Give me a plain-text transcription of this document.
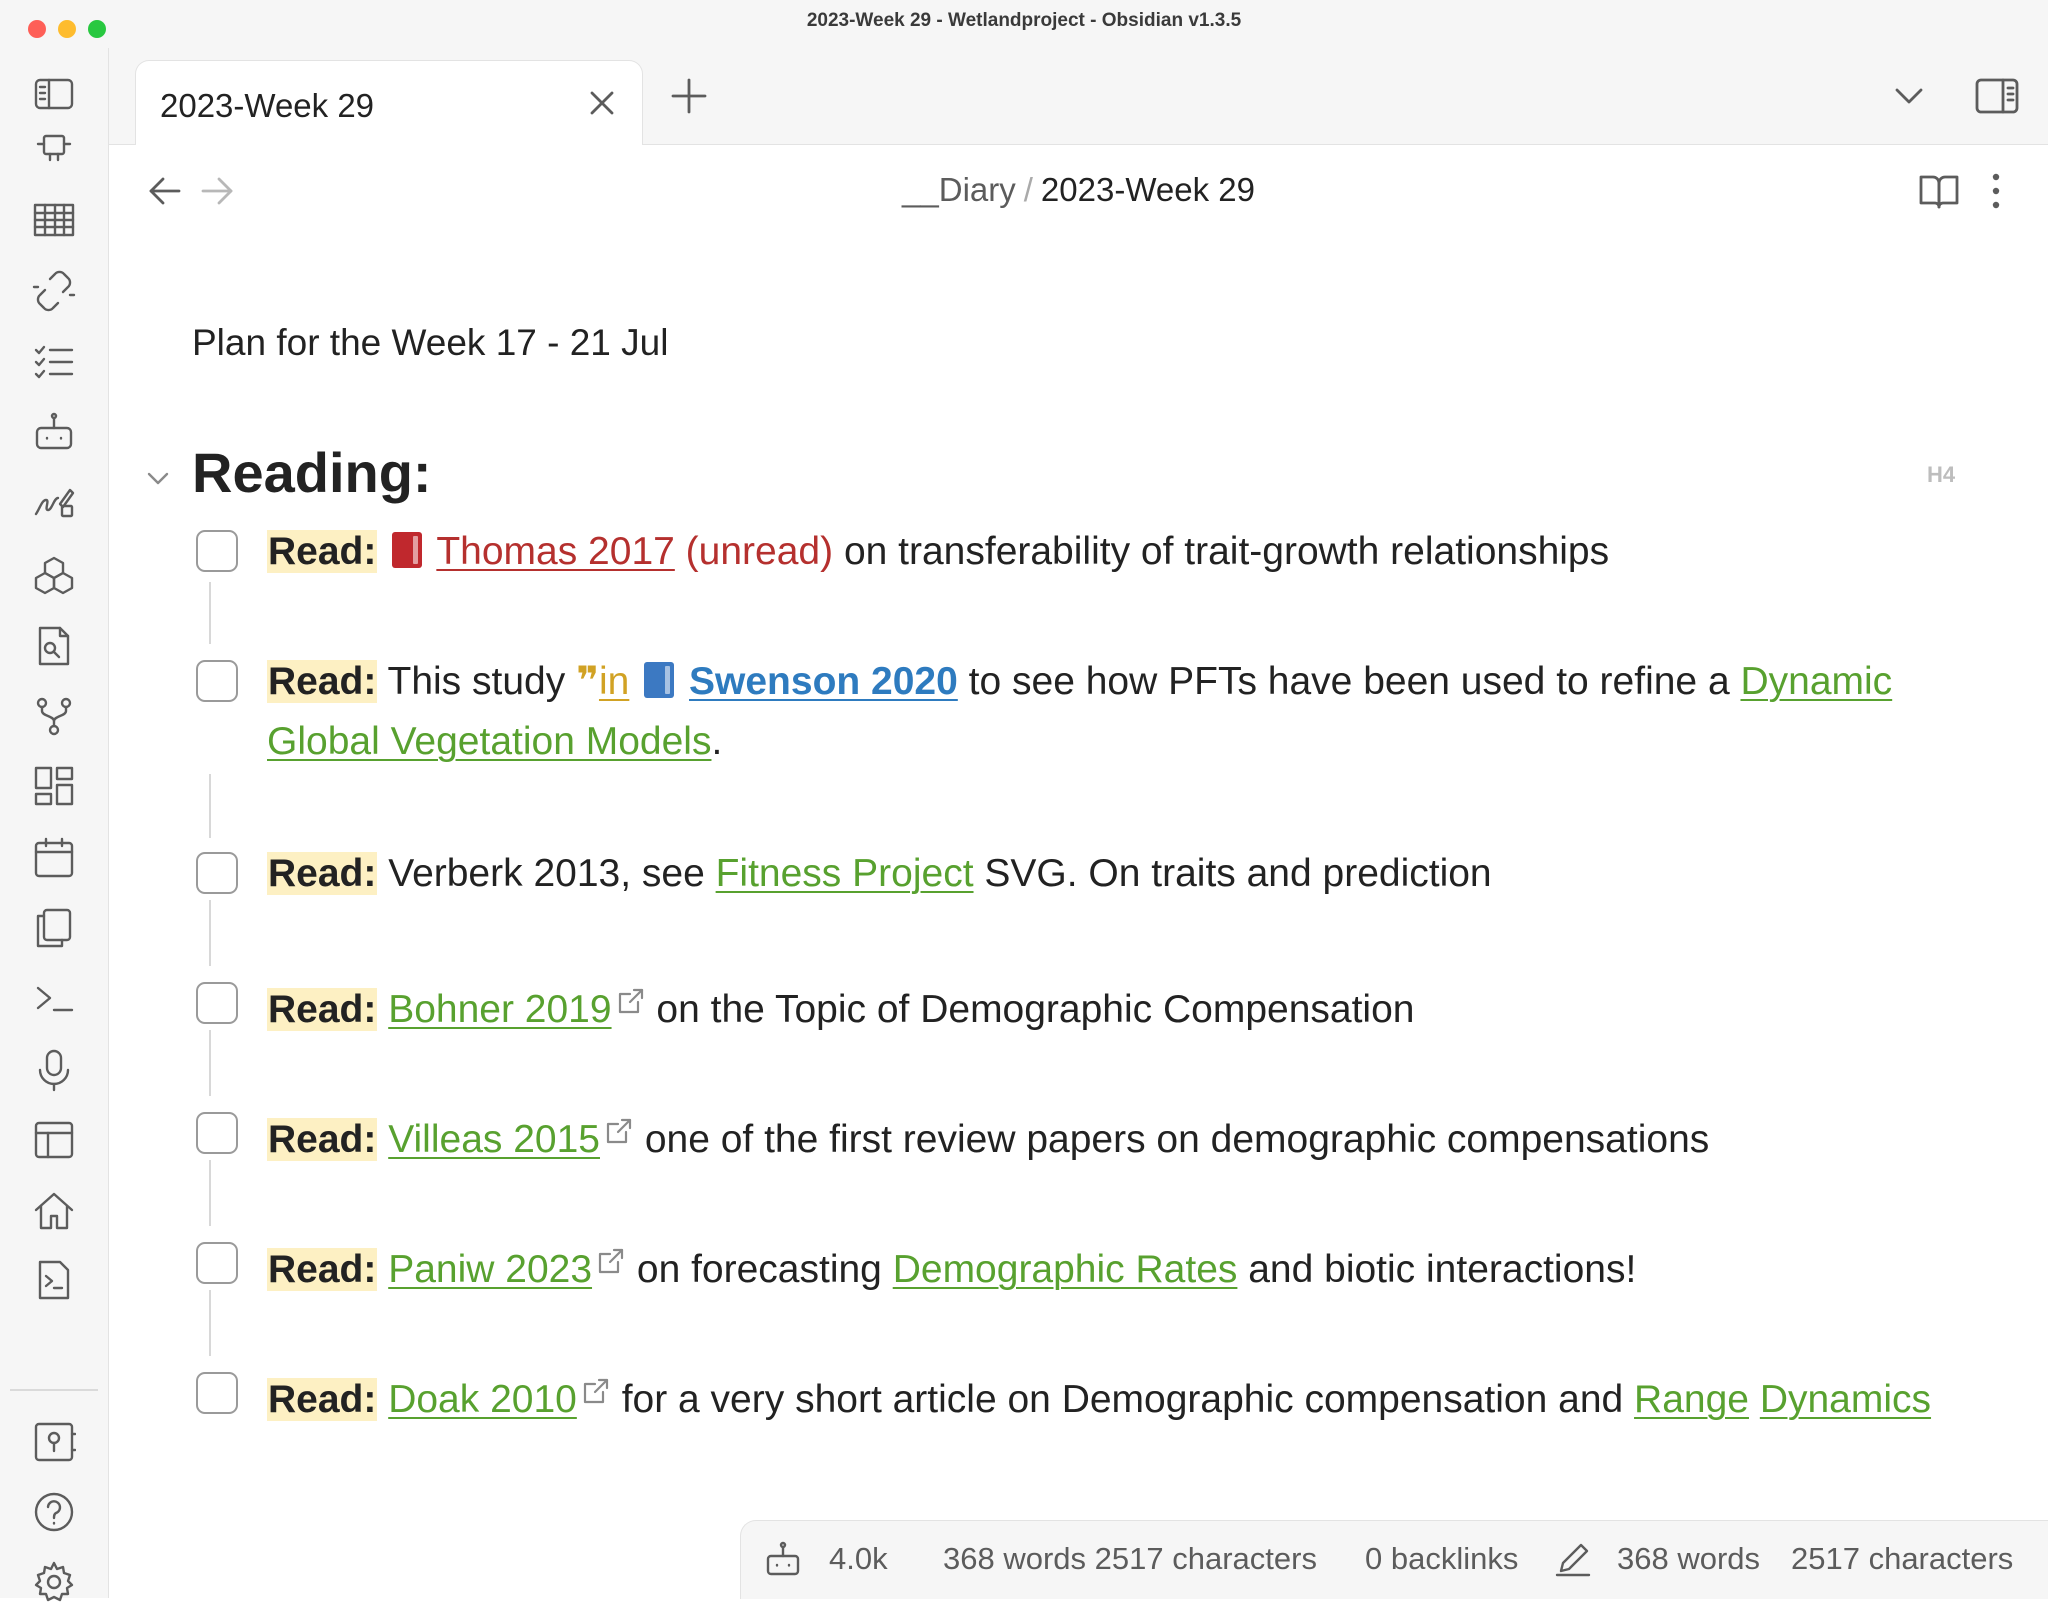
2023-Week 29 - Wetlandproject - Obsidian v1.3.5
2023-Week 29
__Diary / 2023-Week 29
Plan for the Week 17 - 21 Jul
Reading:	H4
Read: Thomas 2017 (unread) on transferability of trait-growth relationships
Read: This study ❞in Swenson 2020 to see how PFTs have been used to refine a Dynamic Global Vegetation Models.
Read: Verberk 2013, see Fitness Project SVG. On traits and prediction
Read: Bohner 2019 on the Topic of Demographic Compensation
Read: Villeas 2015 one of the first review papers on demographic compensations
Read: Paniw 2023 on forecasting Demographic Rates and biotic interactions!
Read: Doak 2010 for a very short article on Demographic compensation and Range Dynamics
4.0k 368 words 2517 characters 0 backlinks	368 words 2517 characters
